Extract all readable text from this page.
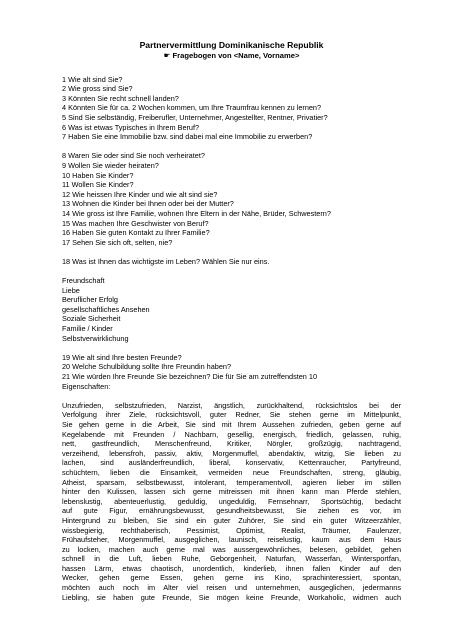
Partnervermittlung Dominikanische Republik
☛ Fragebogen von <Name, Vorname>
1 Wie alt sind Sie?
2 Wie gross sind Sie?
3 Könnten Sie recht schnell landen?
4 Könnten Sie für ca. 2 Wochen kommen, um Ihre Traumfrau kennen zu lernen?
5 Sind Sie selbständig, Freiberufler, Unternehmer, Angestellter, Rentner, Privatier?
6 Was ist etwas Typisches in Ihrem Beruf?
7 Haben Sie eine Immobilie bzw. sind dabei mal eine Immobilie zu erwerben?
8 Waren Sie oder sind Sie noch verheiratet?
9 Wollen Sie wieder heiraten?
10 Haben Sie Kinder?
11 Wollen Sie Kinder?
12 Wie heissen Ihre Kinder und wie alt sind sie?
13 Wohnen die Kinder bei Ihnen oder bei der Mutter?
14 Wie gross ist Ihre Familie, wohnen Ihre Eltern in der Nähe, Brüder, Schwestern?
15 Was machen Ihre Geschwister von Beruf?
16 Haben Sie guten Kontakt zu Ihrer Familie?
17 Sehen Sie sich oft, selten, nie?
18 Was ist Ihnen das wichtigste im Leben? Wählen Sie nur eins.
Freundschaft
Liebe
Beruflicher Erfolg
gesellschaftliches Ansehen
Soziale Sicherheit
Familie / Kinder
Selbstverwirklichung
19 Wie alt sind Ihre besten Freunde?
20 Welche Schulbildung sollte Ihre Freundin haben?
21 Wie würden Ihre Freunde Sie bezeichnen? Die für Sie am zutreffendsten 10
Eigenschaften:
Unzufrieden, selbstzufrieden, Narzist, ängstlich, zurückhaltend, rücksichtslos bei der
Verfolgung ihrer Ziele, rücksichtsvoll, guter Redner, Sie stehen gerne im Mittelpunkt,
Sie gehen gerne in die Arbeit, Sie sind mit Ihrem Aussehen zufrieden, geben gerne auf
Kegelabende mit Freunden / Nachbarn, gesellig, energisch, friedlich, gelassen, ruhig,
nett, gastfreundlich, Menschenfreund, Kritiker, Nörgler, großzügig, nachtragend,
verzeihend, lebensfroh, passiv, aktiv, Morgenmuffel, abendaktiv, witzig, Sie lieben zu
lachen, sind ausländerfreundlich, liberal, konservativ, Kettenraucher, Partyfreund,
schüchtern, lieben die Einsamkeit, vermeiden neue Freundschaften, streng, gläubig,
Atheist, sparsam, selbstbewusst, intolerant, temperamentvoll, agieren lieber im stillen
hinter den Kulissen, lassen sich gerne mitreissen mit ihnen kann man Pferde stehlen,
lebenslustig, abenteuerlustig, geduldig, ungeduldig, Fernsehnarr, Sportsüchtig, bedacht
auf gute Figur, ernährungsbewusst, gesundheitsbewusst, Sie ziehen es vor, im
Hintergrund zu bleiben, Sie sind ein guter Zuhörer, Sie sind ein guter Witzeerzähler,
wissbegierig, rechthaberisch, Pessimist, Optimist, Realist, Träumer, Faulenzer,
Frühaufsteher, Morgenmuffel, ausgeglichen, launisch, reiselustig, kaum aus dem Haus
zu locken, machen auch gerne mal was aussergewöhnliches, belesen, gebildet, gehen
schnell in die Luft, lieben Ruhe, Geborgenheit, Naturfan, Wasserfan, Wintersportfan,
hassen Lärm, etwas chaotisch, unordentlich, kinderlieb, ihnen fallen Kinder auf den
Wecker, gehen gerne Essen, gehen gerne ins Kino, sprachinteressiert, spontan,
möchten auch noch im Alter viel reisen und unternehmen, ausgeglichen, jedermanns
Liebling, sie haben gute Freunde, Sie mögen keine Freunde, Workaholic, widmen auch
